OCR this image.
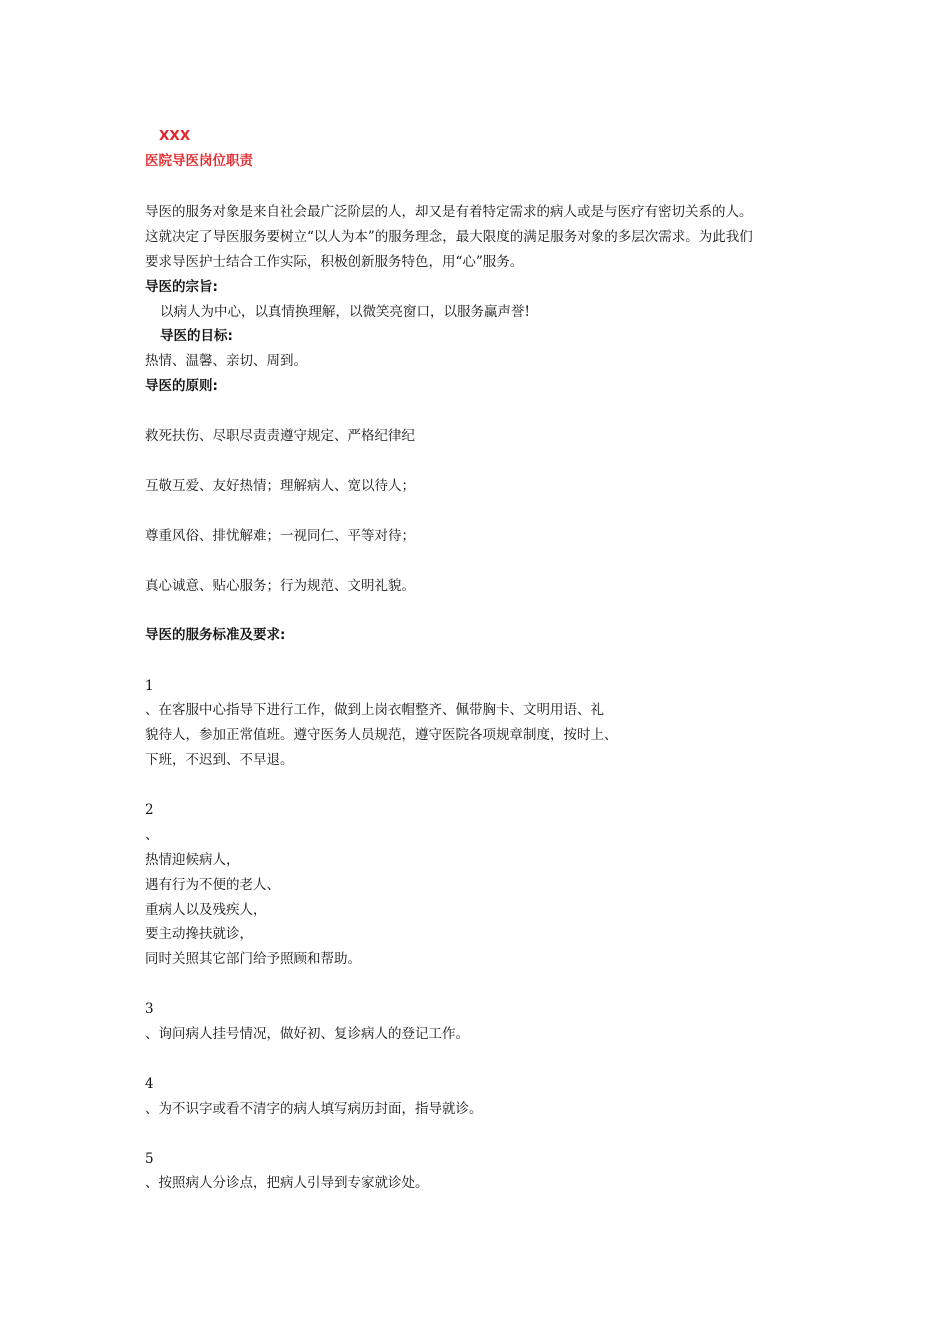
XXX
医院导医岗位职责
导医的服务对象是来自社会最广泛阶层的人，却又是有着特定需求的病人或是与医疗有密切关系的人。
这就决定了导医服务要树立“以人为本”的服务理念，最大限度的满足服务对象的多层次需求。为此我们
要求导医护士结合工作实际，积极创新服务特色，用“心”服务。
导医的宗旨:
以病人为中心，以真情换理解，以微笑亮窗口，以服务赢声誉!
导医的目标:
热情、温馨、亲切、周到。
导医的原则:
救死扶伤、尽职尽责责遵守规定、严格纪律纪
互敬互爱、友好热情；理解病人、宽以待人；
尊重风俗、排忧解难；一视同仁、平等对待；
真心诚意、贴心服务；行为规范、文明礼貌。
导医的服务标准及要求:
1
、在客服中心指导下进行工作，做到上岗衣帽整齐、佩带胸卡、文明用语、礼
貌待人，参加正常值班。遵守医务人员规范，遵守医院各项规章制度，按时上、
下班，不迟到、不早退。
2
、
热情迎候病人，
遇有行为不便的老人、
重病人以及残疾人，
要主动搀扶就诊，
同时关照其它部门给予照顾和帮助。
3
、询问病人挂号情况，做好初、复诊病人的登记工作。
4
、为不识字或看不清字的病人填写病历封面，指导就诊。
5
、按照病人分诊点，把病人引导到专家就诊处。
